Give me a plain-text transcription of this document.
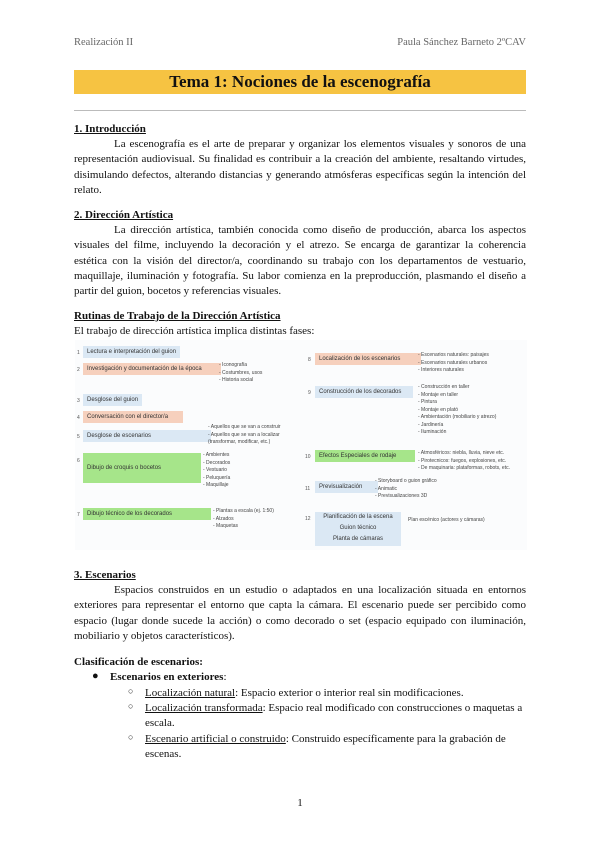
Realización II	Paula Sánchez Barneto 2ºCAV
Tema 1: Nociones de la escenografía
1. Introducción

La escenografía es el arte de preparar y organizar los elementos visuales y sonoros de una representación audiovisual. Su finalidad es contribuir a la creación del ambiente, resaltando virtudes, disimulando defectos, alterando distancias y generando atmósferas específicas según la intención del relato.

2. Dirección Artística

La dirección artística, también conocida como diseño de producción, abarca los aspectos visuales del filme, incluyendo la decoración y el atrezo. Se encarga de garantizar la coherencia estética con la visión del director/a, coordinando su trabajo con los departamentos de vestuario, maquillaje, iluminación y fotografía. Su labor comienza en la preproducción, plasmando el diseño a partir del guion, bocetos y referencias visuales.

Rutinas de Trabajo de la Dirección Artística
El trabajo de dirección artística implica distintas fases:
1	Lectura e interpretación del guion
2	Investigación y documentación de la época
- Iconografía
- Costumbres, usos
- Historia social
3	Desglose del guion
4	Conversación con el director/a
5	Desglose de escenarios
- Aquellos que se van a construir
- Aquellos que se van a localizar
(transformar, modificar, etc.)
6
Dibujo de croquis o bocetos
- Ambientes
- Decorados
- Vestuario
- Peluquería
- Maquillaje
7	Dibujo técnico de los decorados	- Plantas a escala (ej. 1:50)
- Alzados
- Maquetas
8	Localización de los escenarios
- Escenarios naturales: paisajes
- Escenarios naturales urbanos
- Interiores naturales
9	Construcción de los decorados
- Construcción en taller
- Montaje en taller
- Pintura
- Montaje en plató
- Ambientación (mobiliario y atrezo)
- Jardinería
- Iluminación
10	Efectos Especiales de rodaje	- Atmosféricos: niebla, lluvia, nieve etc.
- Pirotecnicos: fuegos, explosiones, etc.
- De maquinaria: plataformas, robots, etc.
11	Previsualización
- Storyboard o guion gráfico
- Animatic
- Previsualizaciones 3D
12	Planificación de la escena
Guion técnico
Planta de cámaras
Plan escénico (actores y cámaras)
3. Escenarios

Espacios construidos en un estudio o adaptados en una localización situada en entornos exteriores para representar el entorno que capta la cámara. El escenario puede ser percibido como espacio (lugar donde sucede la acción) o como decorado o set (espacio equipado con iluminación, mobiliario y objetos característicos).

Clasificación de escenarios:
● Escenarios en exteriores:
○ Localización natural: Espacio exterior o interior real sin modificaciones.
○ Localización transformada: Espacio real modificado con construcciones o maquetas a escala.
○ Escenario artificial o construido: Construido específicamente para la grabación de escenas.
1
